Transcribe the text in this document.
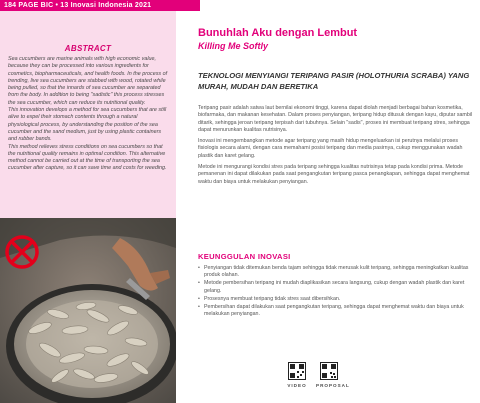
184 PAGE BIC • 13 Inovasi Indonesia 2021
ABSTRACT

Sea cucumbers are marine animals with high economic value, because they can be processed into various ingredients for cosmetics, biopharmaceuticals, and health foods. In the process of trending, live sea cucumbers are stabbed with wood, rotated while being pulled, so that the innards of sea cucumber are separated from the body. In addition to being "sadistic" this process stresses the sea cucumber, which can reduce its nutritional quality.

This innovation develops a method for sea cucumbers that are still alive to expel their stomach contents through a natural physiological process, by understanding the position of the sea cucumber and the sand medium, just by using plastic containers and rubber bands.

This method relieves stress conditions on sea cucumbers so that the nutritional quality remains in optimal condition. This alternative method cannot be carried out at the time of transporting the sea cucumber after capture, so it can save time and costs for weeding.

Bunuhlah Aku dengan Lembut
Killing Me Softly
TEKNOLOGI MENYIANGI TERIPANG PASIR (HOLOTHURIA SCRABA) YANG MURAH, MUDAH DAN BERETIKA

Teripang pasir adalah satwa laut bernilai ekonomi tinggi, karena dapat diolah menjadi berbagai bahan kosmetika, biofarmaka, dan makanan kesehatan. Dalam proses penyiangan, teripang hidup ditusuk dengan kayu, diputar sambil ditarik, sehingga jeroan teripang terpisah dari tubuhnya. Selain "sadis", proses ini membuat teripang stres, sehingga dapat menurunkan kualitas nutrisinya.

Inovasi ini mengembangkan metode agar teripang yang masih hidup mengeluarkan isi perutnya melalui proses fisiologis secara alami, dengan cara memahami posisi teripang dan media pasirnya, cukup menggunakan wadah plastik dan karet gelang.

Metode ini mengurangi kondisi stres pada teripang sehingga kualitas nutrisinya tetap pada kondisi prima. Metode pemanenan ini dapat dilakukan pada saat pengangkutan teripang pasca penangkapan, sehingga dapat menghemat waktu dan biaya untuk melakukan penyiangan.

KEUNGGULAN INOVASI
• Penyiangan tidak ditemukan benda tajam sehingga tidak merusak kulit teripang, sehingga meningkatkan kualitas produk olahan.
• Metode pembersihan teripang ini mudah diaplikasikan secara langsung, cukup dengan wadah plastik dan karet gelang.
• Prosesnya membuat teripang tidak stres saat dibersihkan.
• Pembersihan dapat dilakukan saat pengangkutan teripang, sehingga dapat menghemat waktu dan biaya untuk melakukan penyiangan.
VIDEO	PROPOSAL
